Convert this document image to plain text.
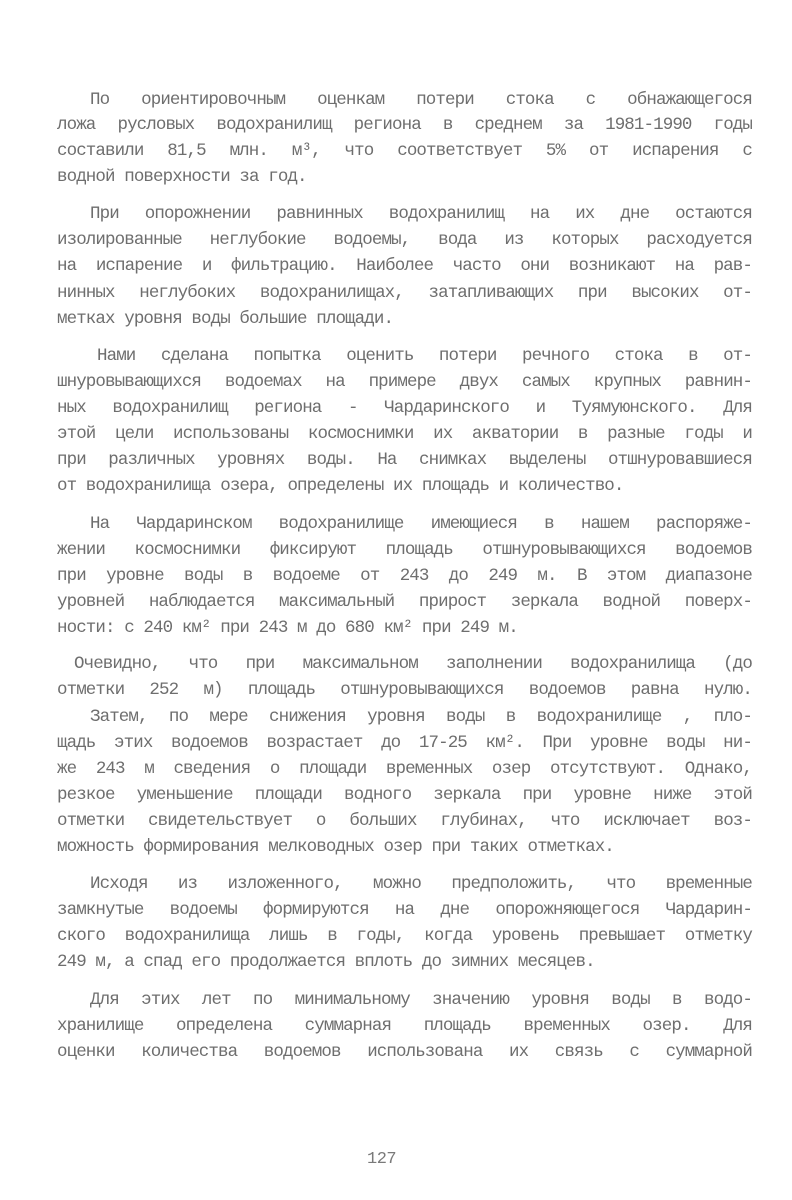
По ориентировочным оценкам потери стока с обнажающегося
ложа русловых водохранилищ региона в среднем за 1981-1990 годы
составили 81,5 млн. м³, что соответствует 5% от испарения с
водной поверхности за год.
При опорожнении равнинных водохранилищ на их дне остаются
изолированные неглубокие водоемы, вода из которых расходуется
на испарение и фильтрацию. Наиболее часто они возникают на рав-
нинных неглубоких водохранилищах, затапливающих при высоких от-
метках уровня воды большие площади.
Нами сделана попытка оценить потери речного стока в от-
шнуровывающихся водоемах на примере двух самых крупных равнин-
ных водохранилищ региона - Чардаринского и Туямуюнского. Для
этой цели использованы космоснимки их акватории в разные годы и
при различных уровнях воды. На снимках выделены отшнуровавшиеся
от водохранилища озера, определены их площадь и количество.
На Чардаринском водохранилище имеющиеся в нашем распоряже-
жении космоснимки фиксируют площадь отшнуровывающихся водоемов
при уровне воды в водоеме от 243 до 249 м. В этом диапазоне
уровней наблюдается максимальный прирост зеркала водной поверх-
ности: с 240 км² при 243 м до 680 км² при 249 м.
Очевидно, что при максимальном заполнении водохранилища (до
отметки 252 м) площадь отшнуровывающихся водоемов равна нулю.
Затем, по мере снижения уровня воды в водохранилище , пло-
щадь этих водоемов возрастает до 17-25 км². При уровне воды ни-
же 243 м сведения о площади временных озер отсутствуют. Однако,
резкое уменьшение площади водного зеркала при уровне ниже этой
отметки свидетельствует о больших глубинах, что исключает воз-
можность формирования мелководных озер при таких отметках.
Исходя из изложенного, можно предположить, что временные
замкнутые водоемы формируются на дне опорожняющегося Чардарин-
ского водохранилища лишь в годы, когда уровень превышает отметку
249 м, а спад его продолжается вплоть до зимних месяцев.
Для этих лет по минимальному значению уровня воды в водо-
хранилище определена суммарная площадь временных озер. Для
оценки количества водоемов использована их связь с суммарной
127
